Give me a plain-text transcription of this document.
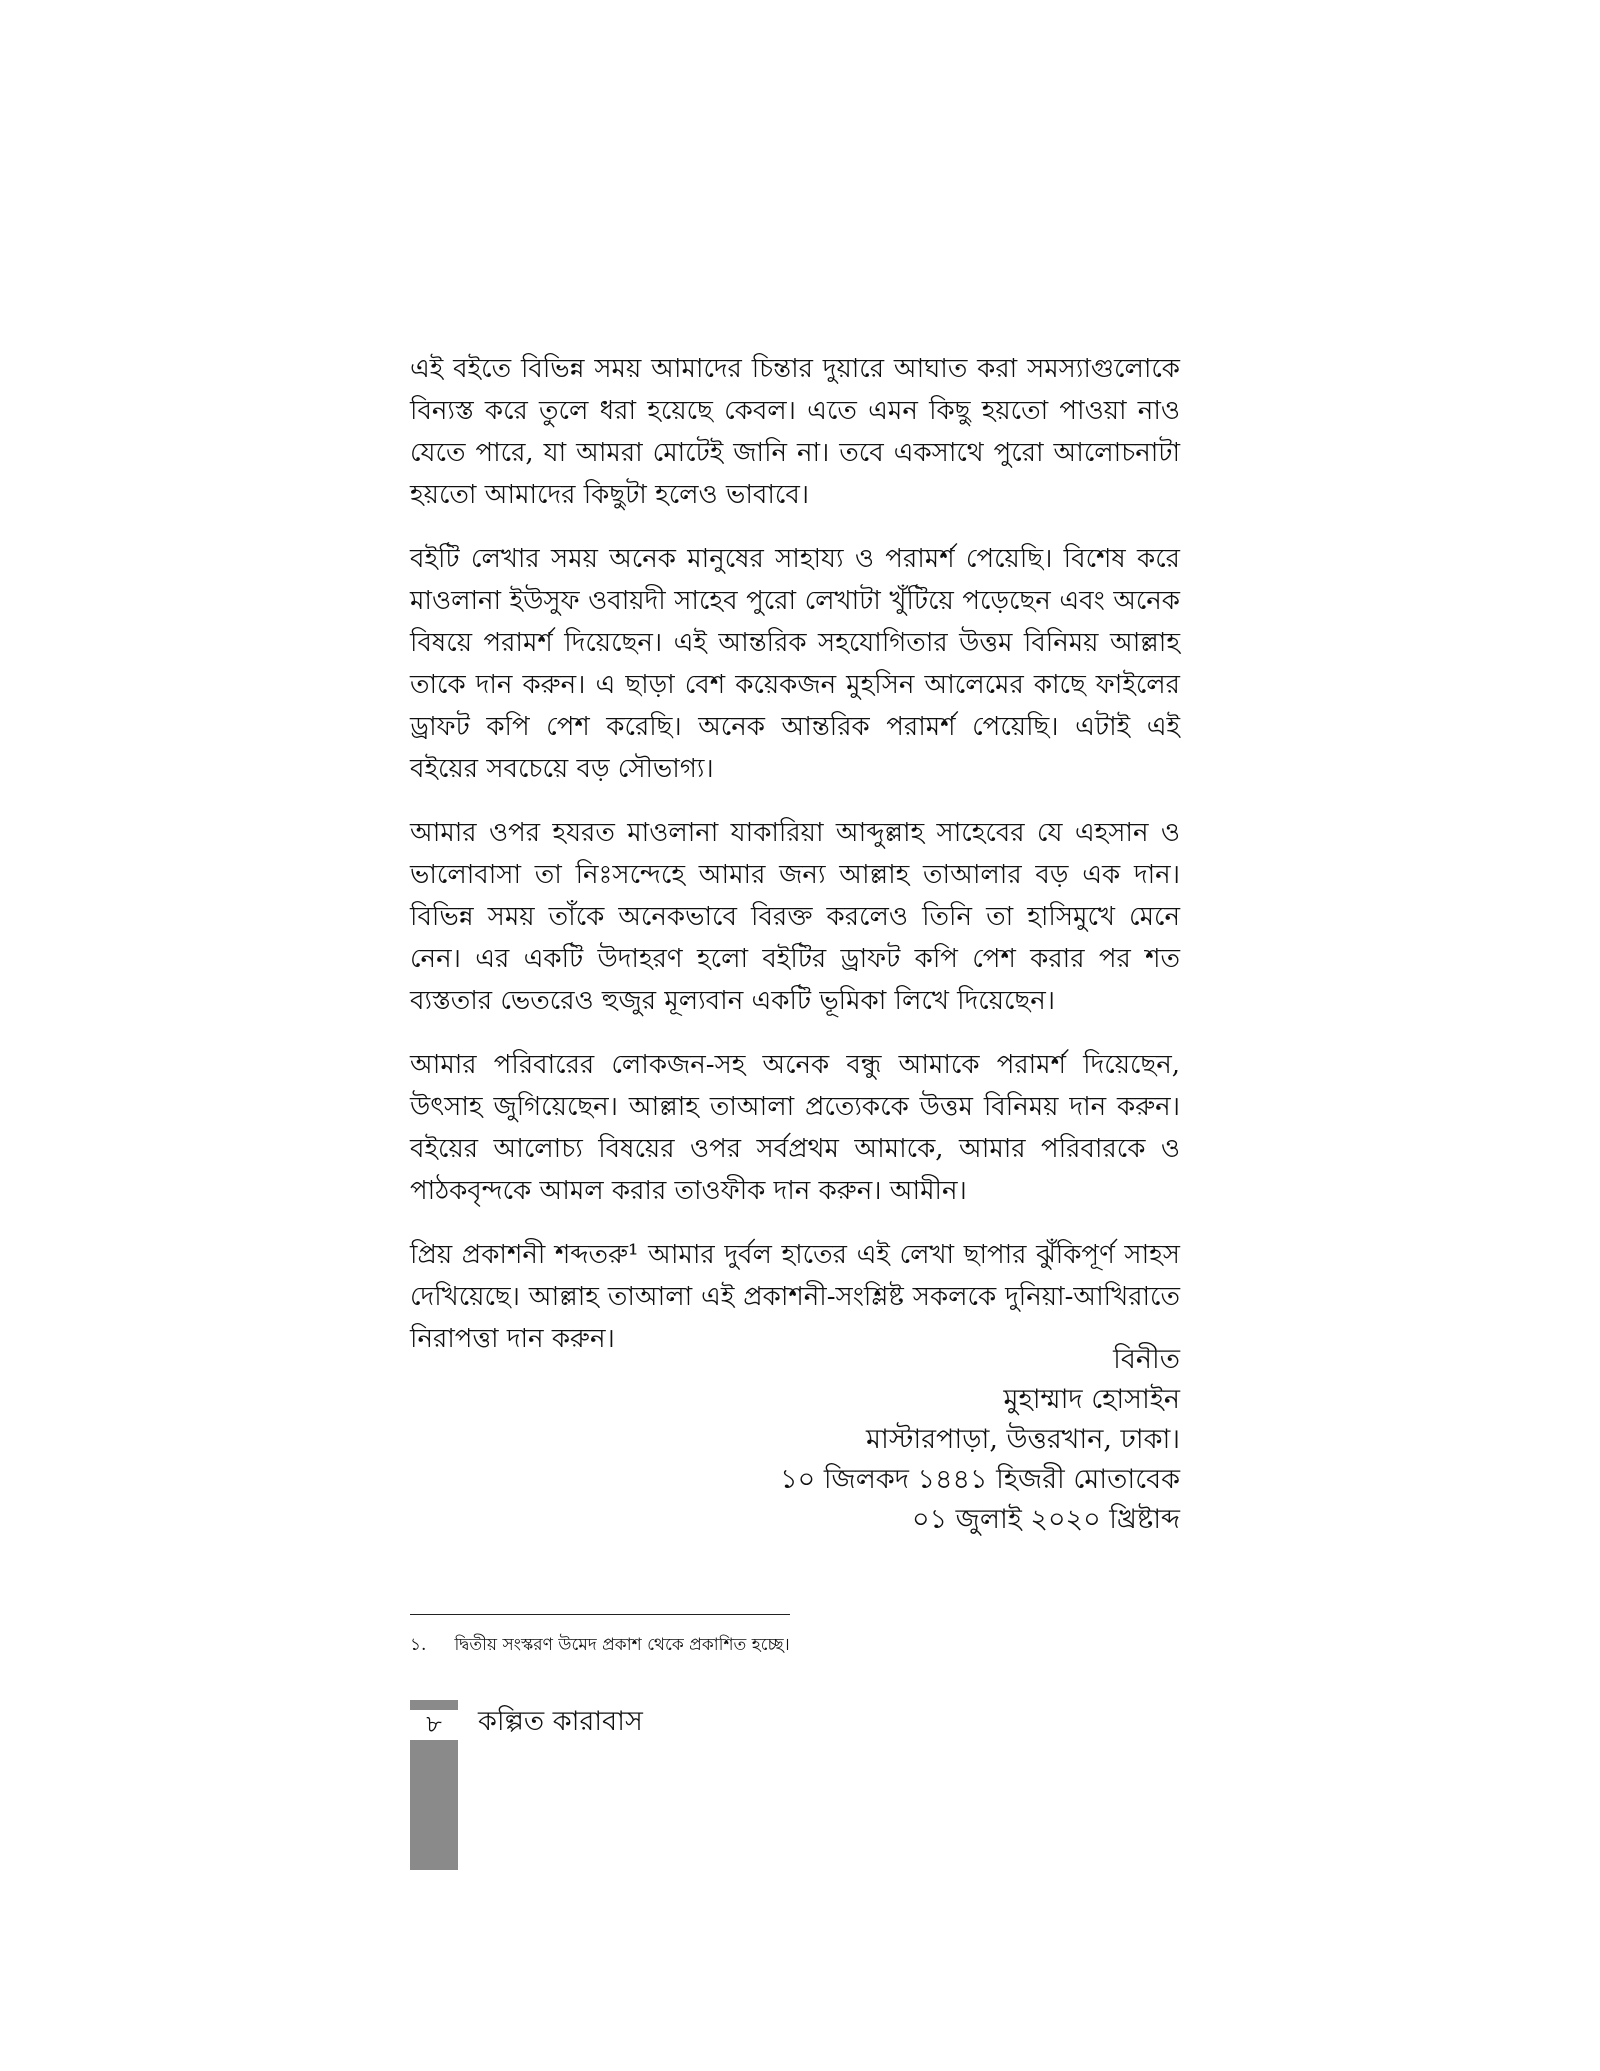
এই বইতে বিভিন্ন সময় আমাদের চিন্তার দুয়ারে আঘাত করা সমস্যাগুলোকে বিন্যস্ত করে তুলে ধরা হয়েছে কেবল। এতে এমন কিছু হয়তো পাওয়া নাও যেতে পারে, যা আমরা মোটেই জানি না। তবে একসাথে পুরো আলোচনাটা হয়তো আমাদের কিছুটা হলেও ভাবাবে।

বইটি লেখার সময় অনেক মানুষের সাহায্য ও পরামর্শ পেয়েছি। বিশেষ করে মাওলানা ইউসুফ ওবায়দী সাহেব পুরো লেখাটা খুঁটিয়ে পড়েছেন এবং অনেক বিষয়ে পরামর্শ দিয়েছেন। এই আন্তরিক সহযোগিতার উত্তম বিনিময় আল্লাহ তাকে দান করুন। এ ছাড়া বেশ কয়েকজন মুহসিন আলেমের কাছে ফাইলের ড্রাফট কপি পেশ করেছি। অনেক আন্তরিক পরামর্শ পেয়েছি। এটাই এই বইয়ের সবচেয়ে বড় সৌভাগ্য।

আমার ওপর হযরত মাওলানা যাকারিয়া আব্দুল্লাহ সাহেবের যে এহসান ও ভালোবাসা তা নিঃসন্দেহে আমার জন্য আল্লাহ তাআলার বড় এক দান। বিভিন্ন সময় তাঁকে অনেকভাবে বিরক্ত করলেও তিনি তা হাসিমুখে মেনে নেন। এর একটি উদাহরণ হলো বইটির ড্রাফট কপি পেশ করার পর শত ব্যস্ততার ভেতরেও হুজুর মূল্যবান একটি ভূমিকা লিখে দিয়েছেন।

আমার পরিবারের লোকজন-সহ অনেক বন্ধু আমাকে পরামর্শ দিয়েছেন, উৎসাহ জুগিয়েছেন। আল্লাহ তাআলা প্রত্যেককে উত্তম বিনিময় দান করুন। বইয়ের আলোচ্য বিষয়ের ওপর সর্বপ্রথম আমাকে, আমার পরিবারকে ও পাঠকবৃন্দকে আমল করার তাওফীক দান করুন। আমীন।

প্রিয় প্রকাশনী শব্দতরু¹ আমার দুর্বল হাতের এই লেখা ছাপার ঝুঁকিপূর্ণ সাহস দেখিয়েছে। আল্লাহ তাআলা এই প্রকাশনী-সংশ্লিষ্ট সকলকে দুনিয়া-আখিরাতে নিরাপত্তা দান করুন।

বিনীত
মুহাম্মাদ হোসাইন
মাস্টারপাড়া, উত্তরখান, ঢাকা।
১০ জিলকদ ১৪৪১ হিজরী মোতাবেক
০১ জুলাই ২০২০ খ্রিষ্টাব্দ
১. দ্বিতীয় সংস্করণ উমেদ প্রকাশ থেকে প্রকাশিত হচ্ছে।
৮	কল্পিত কারাবাস
